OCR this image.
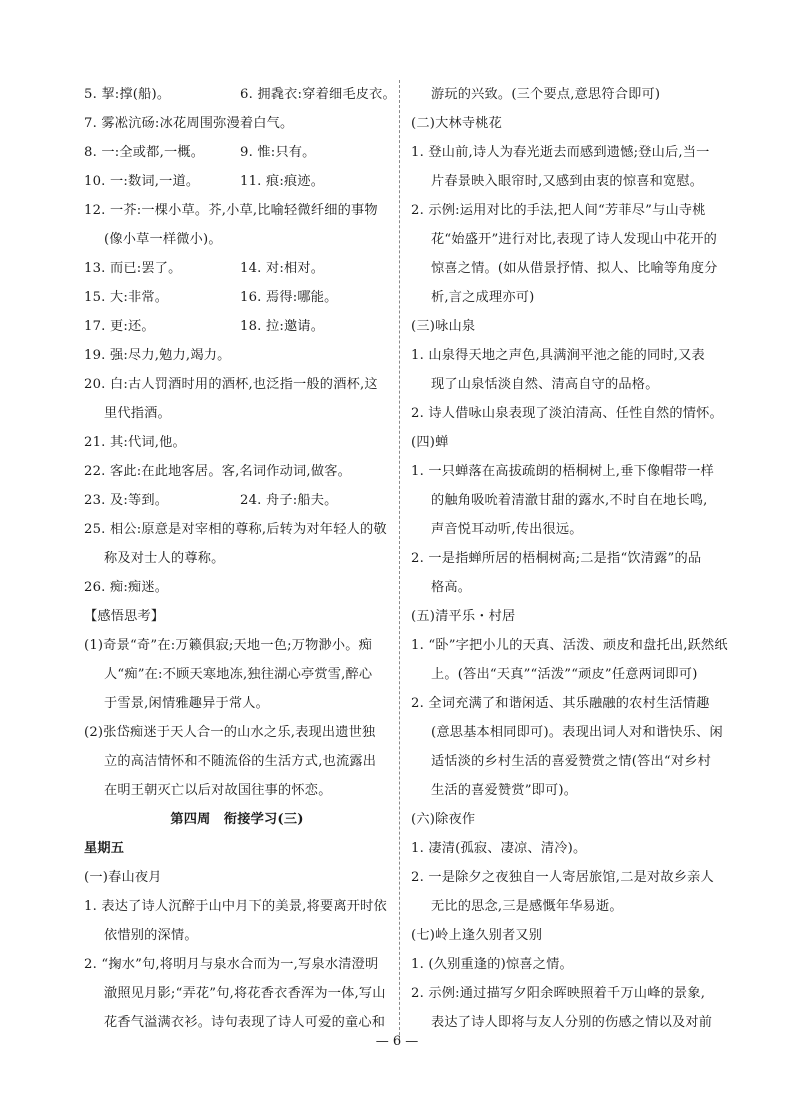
5. 挈:撑(船)。	6. 拥毳衣:穿着细毛皮衣。
7. 雾凇沆砀:冰花周围弥漫着白气。
8. 一:全或都,一概。	9. 惟:只有。
10. 一:数词,一道。	11. 痕:痕迹。
12. 一芥:一棵小草。芥,小草,比喻轻微纤细的事物
(像小草一样微小)。
13. 而已:罢了。	14. 对:相对。
15. 大:非常。	16. 焉得:哪能。
17. 更:还。	18. 拉:邀请。
19. 强:尽力,勉力,竭力。
20. 白:古人罚酒时用的酒杯,也泛指一般的酒杯,这
里代指酒。
21. 其:代词,他。
22. 客此:在此地客居。客,名词作动词,做客。
23. 及:等到。	24. 舟子:船夫。
25. 相公:原意是对宰相的尊称,后转为对年轻人的敬
称及对士人的尊称。
26. 痴:痴迷。
【感悟思考】
(1)奇景“奇”在:万籁俱寂;天地一色;万物渺小。痴
人“痴”在:不顾天寒地冻,独往湖心亭赏雪,醉心
于雪景,闲情雅趣异于常人。
(2)张岱痴迷于天人合一的山水之乐,表现出遗世独
立的高洁情怀和不随流俗的生活方式,也流露出
在明王朝灭亡以后对故国往事的怀恋。
第四周　衔接学习(三)
星期五
(一)春山夜月
1. 表达了诗人沉醉于山中月下的美景,将要离开时依
依惜别的深情。
2. “掬水”句,将明月与泉水合而为一,写泉水清澄明
澈照见月影;“弄花”句,将花香衣香浑为一体,写山
花香气溢满衣衫。诗句表现了诗人可爱的童心和
游玩的兴致。(三个要点,意思符合即可)
(二)大林寺桃花
1. 登山前,诗人为春光逝去而感到遗憾;登山后,当一
片春景映入眼帘时,又感到由衷的惊喜和宽慰。
2. 示例:运用对比的手法,把人间“芳菲尽”与山寺桃
花“始盛开”进行对比,表现了诗人发现山中花开的
惊喜之情。(如从借景抒情、拟人、比喻等角度分
析,言之成理亦可)
(三)咏山泉
1. 山泉得天地之声色,具满涧平池之能的同时,又表
现了山泉恬淡自然、清高自守的品格。
2. 诗人借咏山泉表现了淡泊清高、任性自然的情怀。
(四)蝉
1. 一只蝉落在高拔疏朗的梧桐树上,垂下像帽带一样
的触角吸吮着清澈甘甜的露水,不时自在地长鸣,
声音悦耳动听,传出很远。
2. 一是指蝉所居的梧桐树高;二是指“饮清露”的品
格高。
(五)清平乐・村居
1. “卧”字把小儿的天真、活泼、顽皮和盘托出,跃然纸
上。(答出“天真”“活泼”“顽皮”任意两词即可)
2. 全词充满了和谐闲适、其乐融融的农村生活情趣
(意思基本相同即可)。表现出词人对和谐快乐、闲
适恬淡的乡村生活的喜爱赞赏之情(答出“对乡村
生活的喜爱赞赏”即可)。
(六)除夜作
1. 凄清(孤寂、凄凉、清冷)。
2. 一是除夕之夜独自一人寄居旅馆,二是对故乡亲人
无比的思念,三是感慨年华易逝。
(七)岭上逢久别者又别
1. (久别重逢的)惊喜之情。
2. 示例:通过描写夕阳余晖映照着千万山峰的景象,
表达了诗人即将与友人分别的伤感之情以及对前
— 6 —
